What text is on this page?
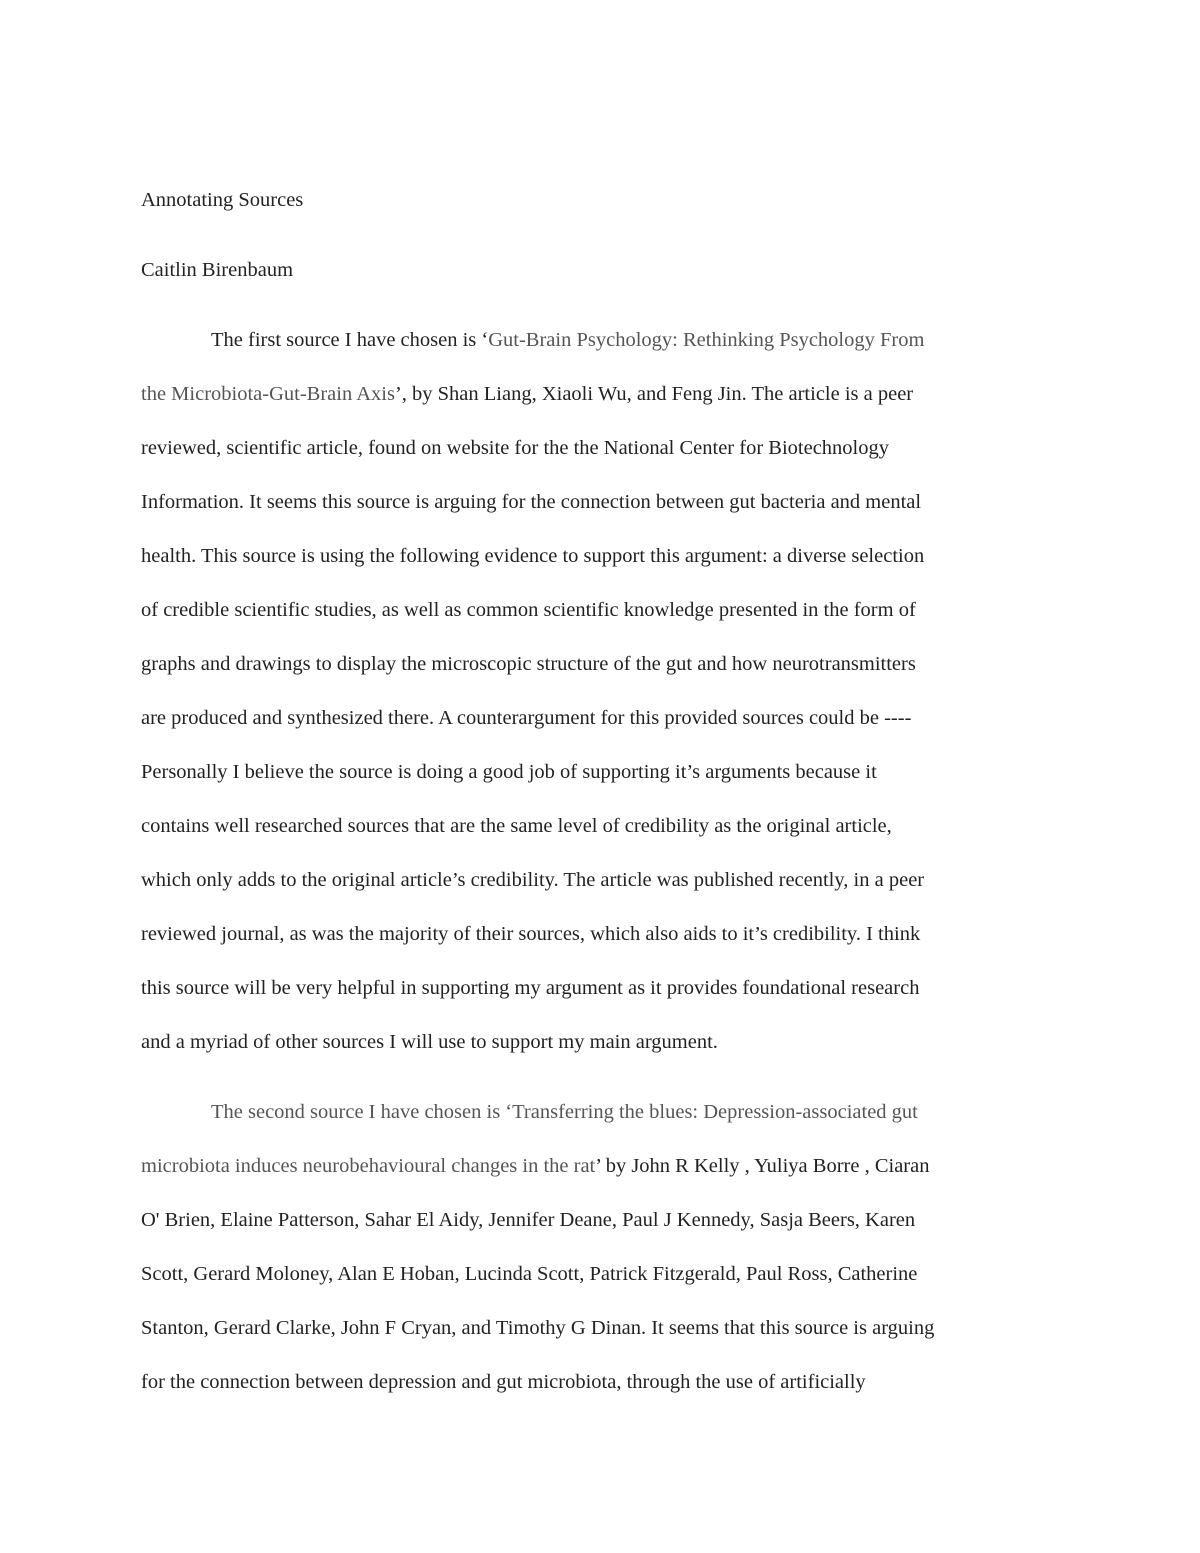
Annotating Sources

Caitlin Birenbaum

The first source I have chosen is ‘Gut-Brain Psychology: Rethinking Psychology From

the Microbiota-Gut-Brain Axis’, by Shan Liang, Xiaoli Wu, and Feng Jin. The article is a peer

reviewed, scientific article, found on website for the the National Center for Biotechnology

Information. It seems this source is arguing for the connection between gut bacteria and mental

health. This source is using the following evidence to support this argument: a diverse selection

of credible scientific studies, as well as common scientific knowledge presented in the form of

graphs and drawings to display the microscopic structure of the gut and how neurotransmitters

are produced and synthesized there. A counterargument for this provided sources could be ----

Personally I believe the source is doing a good job of supporting it’s arguments because it

contains well researched sources that are the same level of credibility as the original article,

which only adds to the original article’s credibility. The article was published recently, in a peer

reviewed journal, as was the majority of their sources, which also aids to it’s credibility. I think

this source will be very helpful in supporting my argument as it provides foundational research

and a myriad of other sources I will use to support my main argument.

The second source I have chosen is ‘Transferring the blues: Depression-associated gut

microbiota induces neurobehavioural changes in the rat’ by John R Kelly , Yuliya Borre , Ciaran

O' Brien, Elaine Patterson, Sahar El Aidy, Jennifer Deane, Paul J Kennedy, Sasja Beers, Karen

Scott, Gerard Moloney, Alan E Hoban, Lucinda Scott, Patrick Fitzgerald, Paul Ross, Catherine

Stanton, Gerard Clarke, John F Cryan, and Timothy G Dinan. It seems that this source is arguing

for the connection between depression and gut microbiota, through the use of artificially
